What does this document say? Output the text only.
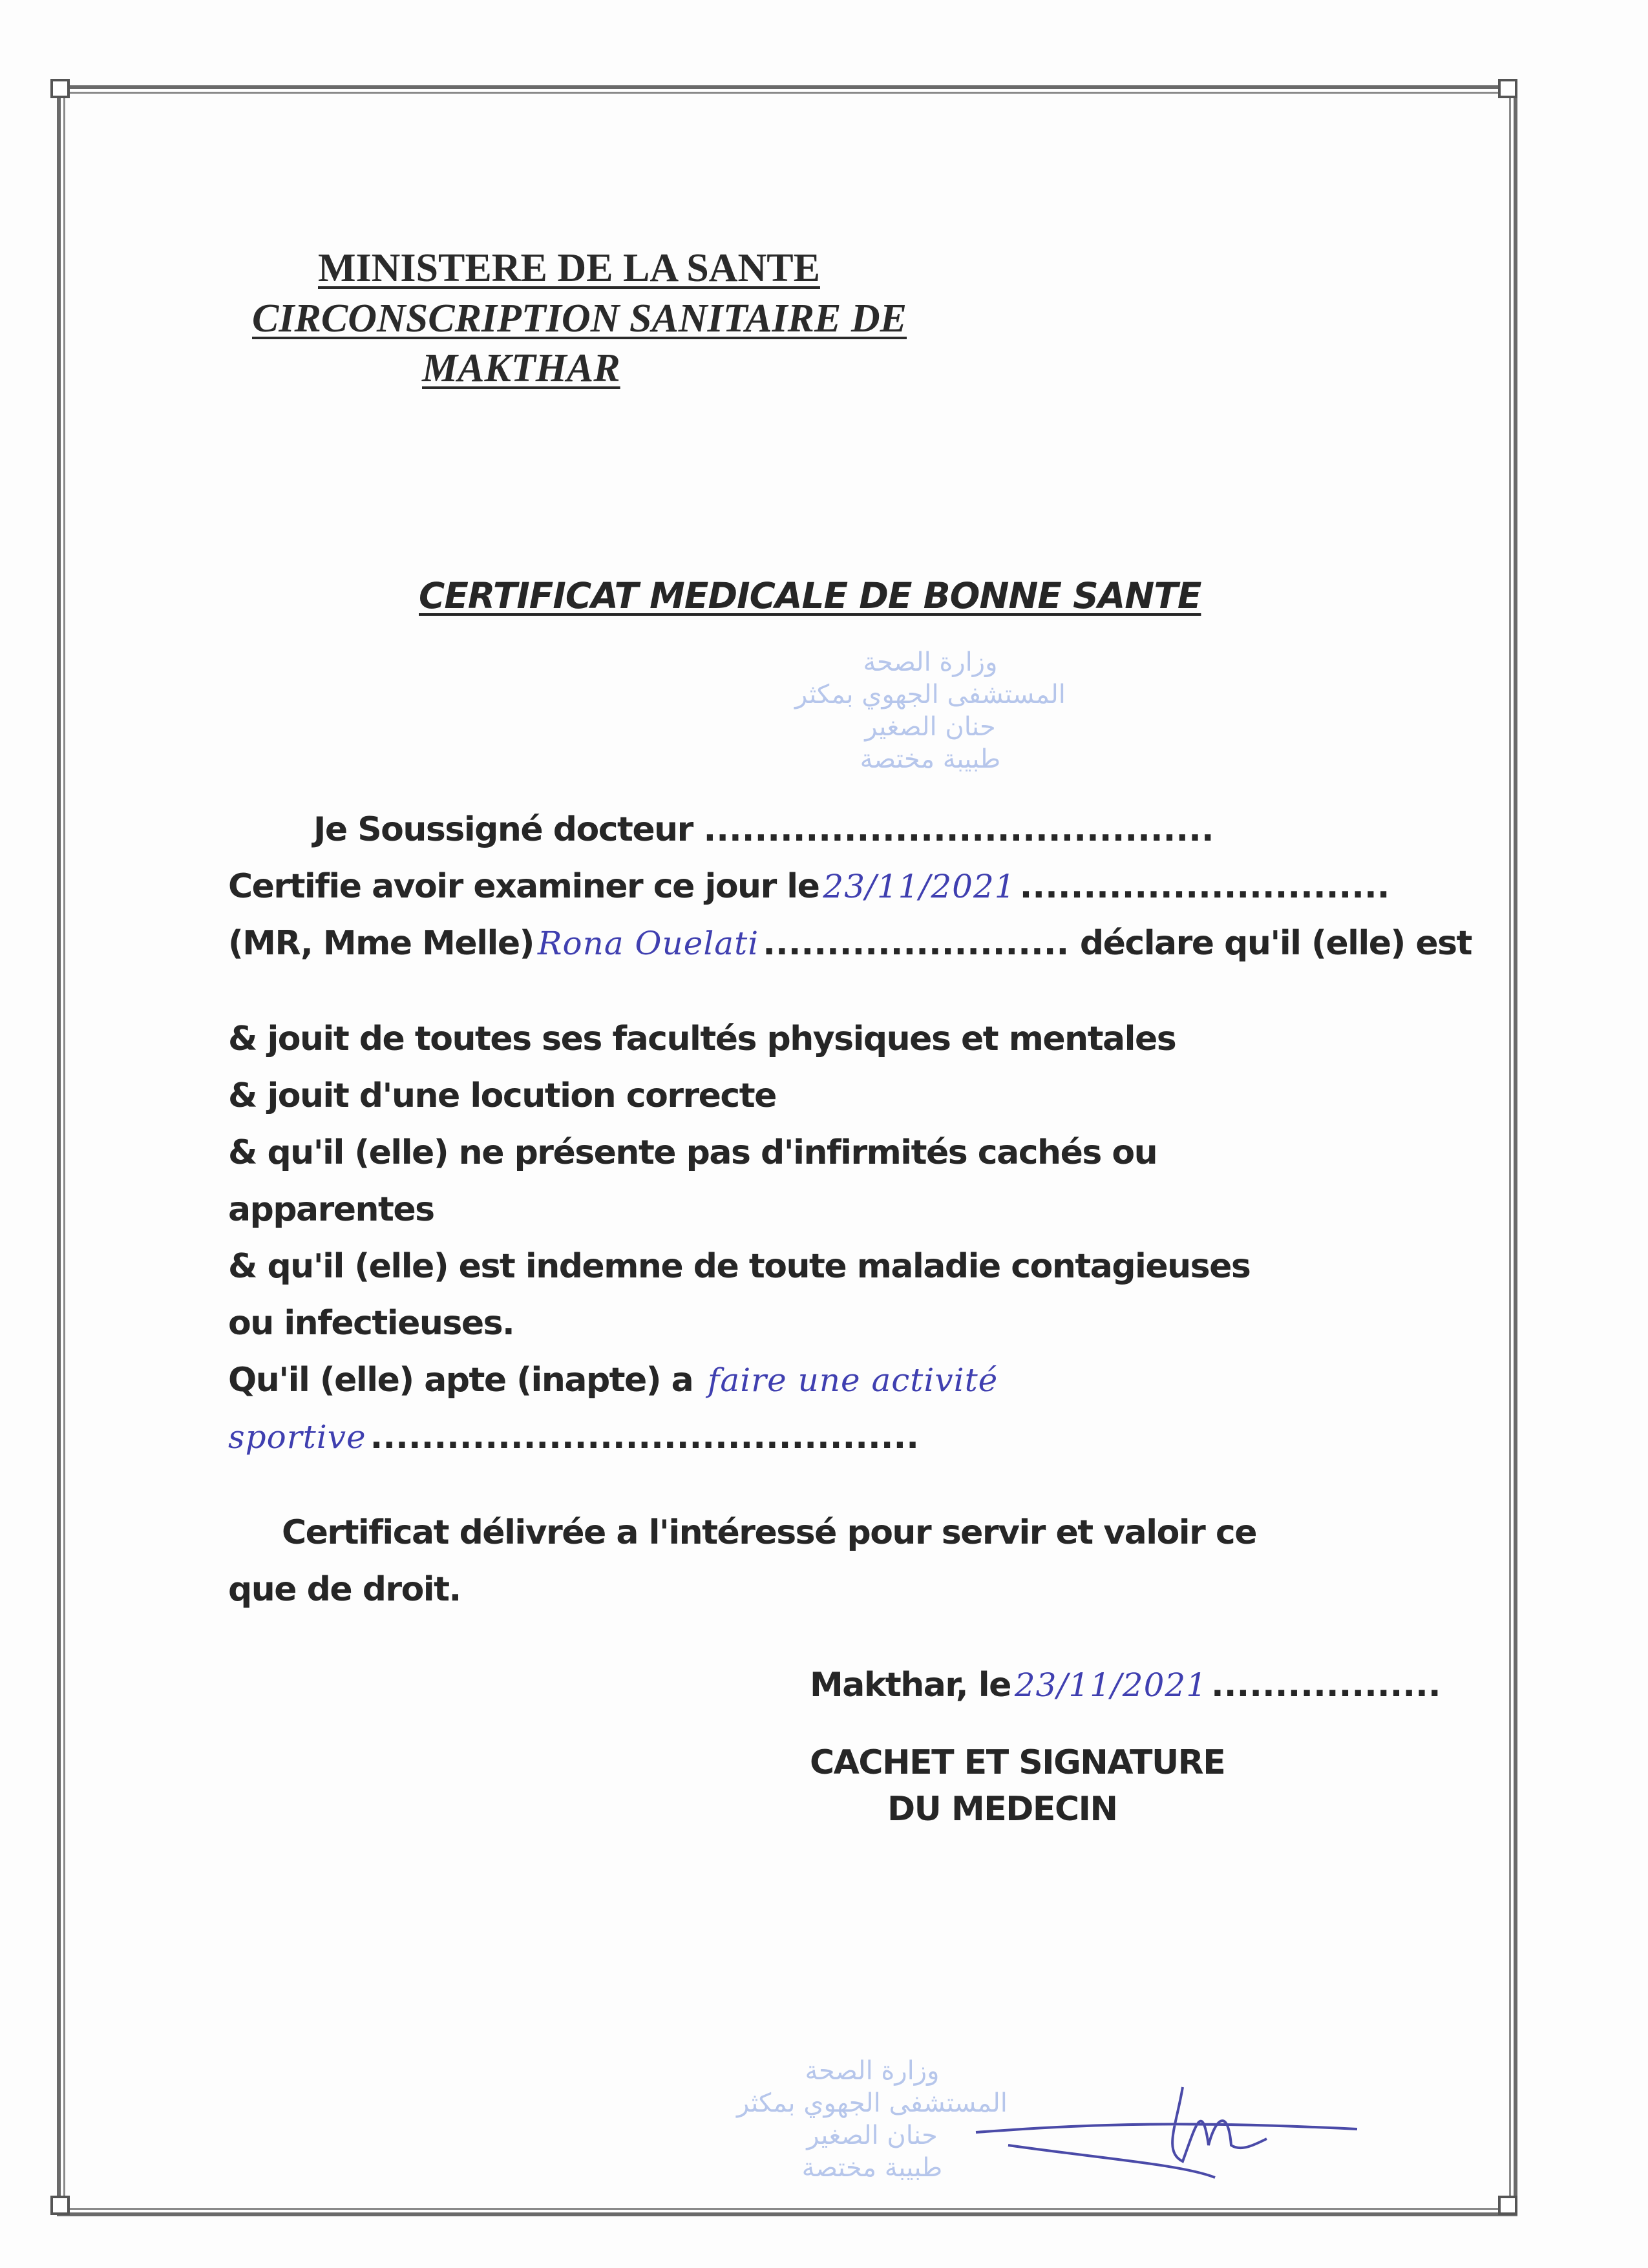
MINISTERE DE LA SANTE
CIRCONSCRIPTION SANITAIRE DE
MAKTHAR
CERTIFICAT MEDICALE DE BONNE SANTE
وزارة الصحة
المستشفى الجهوي بمكثر
حنان الصغير
طبيبة مختصة
Je Soussigné docteur ........................................
Certifie avoir examiner ce jour le 23/11/2021 .............................
(MR, Mme Melle) Rona Ouelati ........................ déclare qu'il (elle) est
& jouit de toutes ses facultés physiques et mentales
& jouit d'une locution correcte
& qu'il (elle) ne présente pas d'infirmités cachés ou
apparentes
& qu'il (elle) est indemne de toute maladie contagieuses
ou infectieuses.
Qu'il (elle) apte (inapte) a faire une activité sportive ...........................................
Certificat délivrée a l'intéressé pour servir et valoir ce
que de droit.
Makthar, le 23/11/2021 ..................
CACHET ET SIGNATURE
DU MEDECIN
وزارة الصحة
المستشفى الجهوي بمكثر
حنان الصغير
طبيبة مختصة
